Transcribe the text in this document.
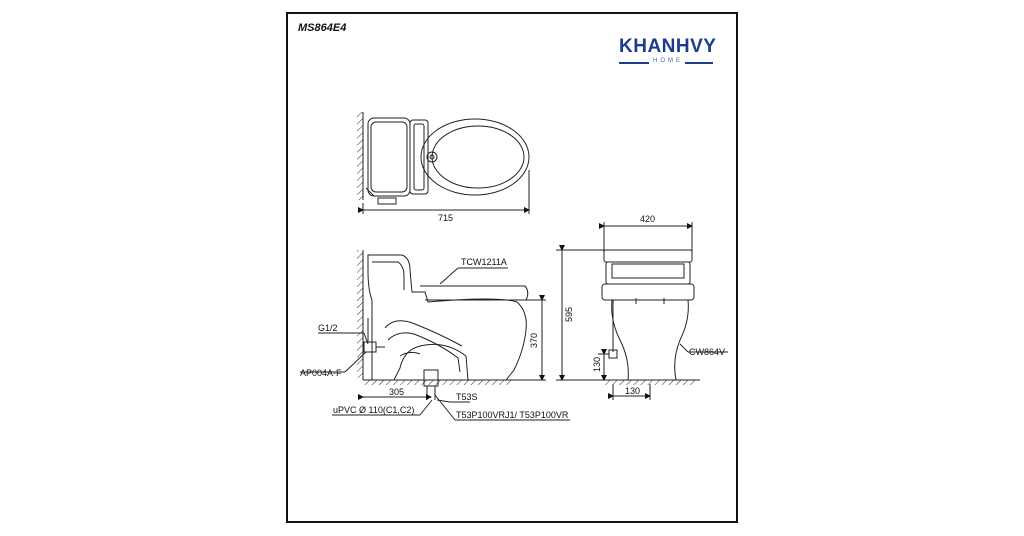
MS864E4
KHANHVY
HOME
715
TCW1211A
G1/2
AP004A-F
305
370
T53S
uPVC Ø 110(C1,C2)	T53P100VRJ1/ T53P100VR
420
595
130
130
CW864V
